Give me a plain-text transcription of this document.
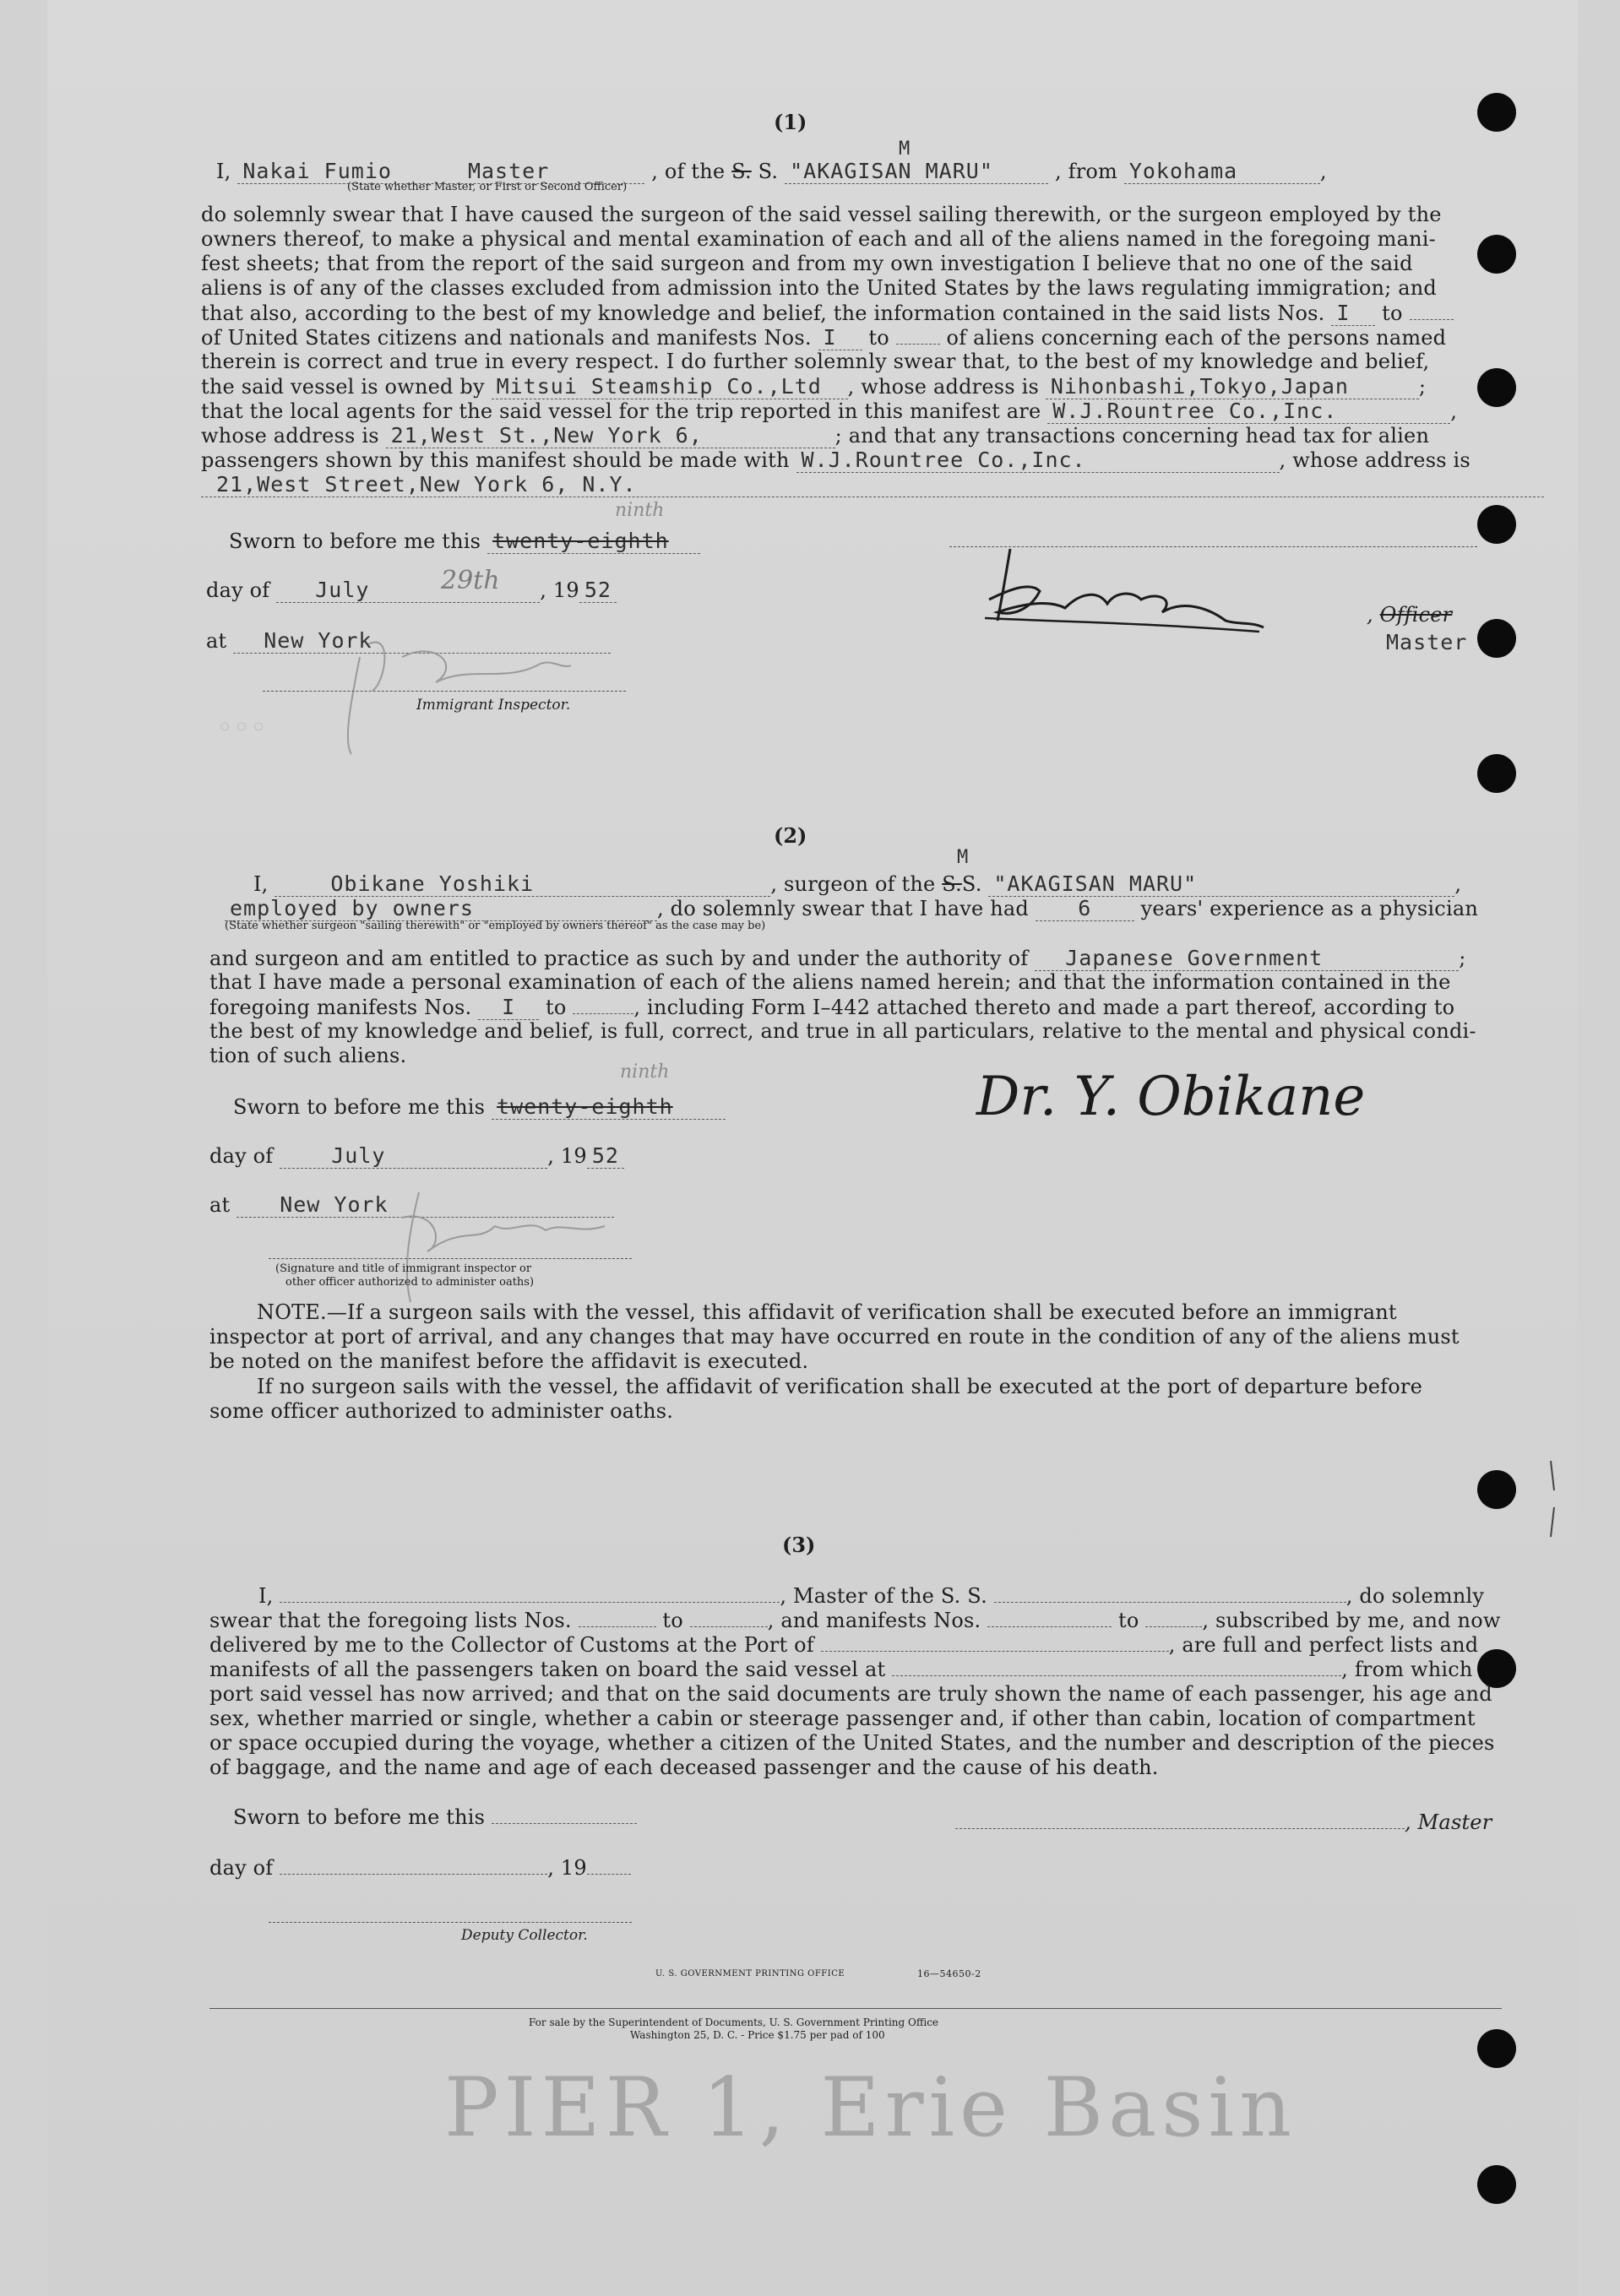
(1)
I, Nakai Fumio	Master	, of the S. S. "AKAGISAN MARU"	, from Yokohama	,
M
(State whether Master, or First or Second Officer)
do solemnly swear that I have caused the surgeon of the said vessel sailing therewith, or the surgeon employed by the
owners thereof, to make a physical and mental examination of each and all of the aliens named in the foregoing mani-
fest sheets; that from the report of the said surgeon and from my own investigation I believe that no one of the said
aliens is of any of the classes excluded from admission into the United States by the laws regulating immigration; and
that also, according to the best of my knowledge and belief, the information contained in the said lists Nos. I to
of United States citizens and nationals and manifests Nos. I to	of aliens concerning each of the persons named
therein is correct and true in every respect. I do further solemnly swear that, to the best of my knowledge and belief,
the said vessel is owned by Mitsui Steamship Co.,Ltd , whose address is Nihonbashi,Tokyo,Japan	;
that the local agents for the said vessel for the trip reported in this manifest are W.J.Rountree Co.,Inc.	,
whose address is 21,West St.,New York 6,	; and that any transactions concerning head tax for alien
passengers shown by this manifest should be made with W.J.Rountree Co.,Inc.	, whose address is
21,West Street,New York 6, N.Y.
Sworn to before me this twenty-eighth
ninth
day of July	, 19 52
29th
at New York
Immigrant Inspector.
, Officer
Master
◦◦◦
(2)
M
I,	Obikane Yoshiki	, surgeon of the S.S. "AKAGISAN MARU"	,
employed by owners	, do solemnly swear that I have had 6 years' experience as a physician
(State whether surgeon "sailing therewith" or "employed by owners thereof" as the case may be)
and surgeon and am entitled to practice as such by and under the authority of Japanese Government	;
that I have made a personal examination of each of the aliens named herein; and that the information contained in the
foregoing manifests Nos. I to	, including Form I–442 attached thereto and made a part thereof, according to
the best of my knowledge and belief, is full, correct, and true in all particulars, relative to the mental and physical condi-
tion of such aliens.
Sworn to before me this twenty-eighth
ninth	Dr. Y. Obikane
day of	July	, 19 52
at New York
(Signature and title of immigrant inspector or
other officer authorized to administer oaths)
NOTE.—If a surgeon sails with the vessel, this affidavit of verification shall be executed before an immigrant
inspector at port of arrival, and any changes that may have occurred en route in the condition of any of the aliens must
be noted on the manifest before the affidavit is executed.
If no surgeon sails with the vessel, the affidavit of verification shall be executed at the port of departure before
some officer authorized to administer oaths.
(3)
I,	, Master of the S. S.	, do solemnly
swear that the foregoing lists Nos.	to	, and manifests Nos.	to	, subscribed by me, and now
delivered by me to the Collector of Customs at the Port of	, are full and perfect lists and
manifests of all the passengers taken on board the said vessel at	, from which
port said vessel has now arrived; and that on the said documents are truly shown the name of each passenger, his age and
sex, whether married or single, whether a cabin or steerage passenger and, if other than cabin, location of compartment
or space occupied during the voyage, whether a citizen of the United States, and the number and description of the pieces
of baggage, and the name and age of each deceased passenger and the cause of his death.
Sworn to before me this	, Master
day of	, 19
Deputy Collector.
U. S. GOVERNMENT PRINTING OFFICE	16—54650-2
For sale by the Superintendent of Documents, U. S. Government Printing Office
Washington 25, D. C. - Price $1.75 per pad of 100
PIER 1, Erie Basin
